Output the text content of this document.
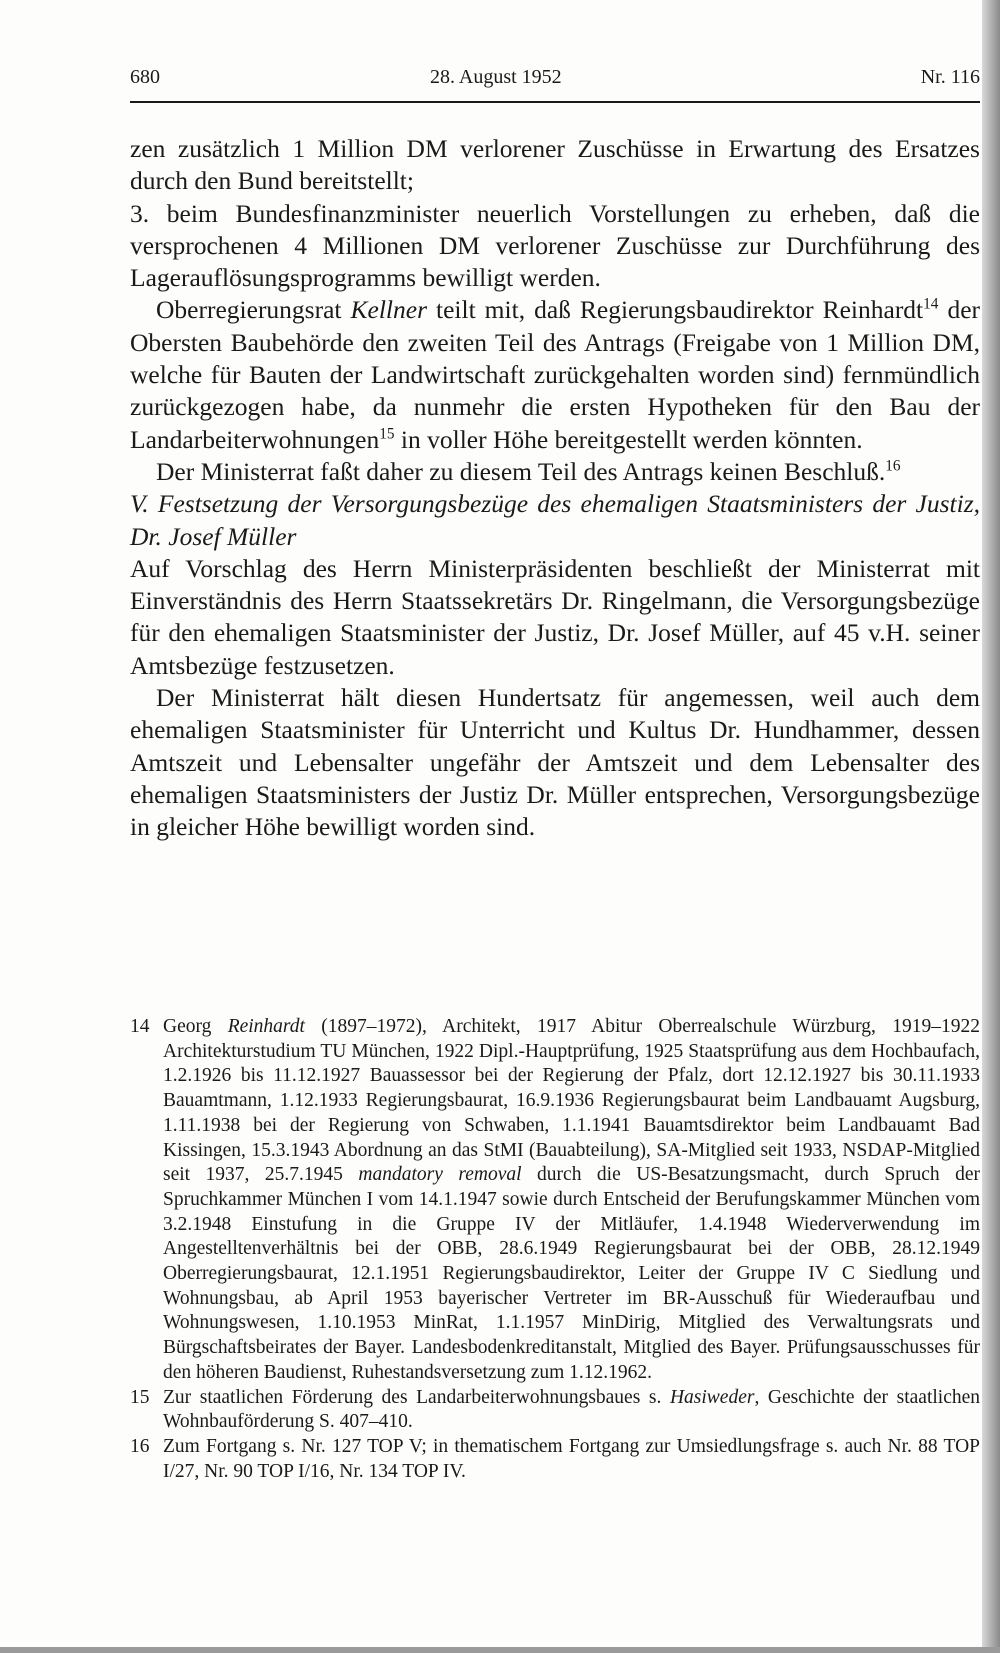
680	28. August 1952	Nr. 116

zen zusätzlich 1 Million DM verlorener Zuschüsse in Erwartung des Ersatzes durch den Bund bereitstellt;

3. beim Bundesfinanzminister neuerlich Vorstellungen zu erheben, daß die versprochenen 4 Millionen DM verlorener Zuschüsse zur Durchführung des Lagerauflösungsprogramms bewilligt werden.

Oberregierungsrat Kellner teilt mit, daß Regierungsbaudirektor Reinhardt$^{14}$ der Obersten Baubehörde den zweiten Teil des Antrags (Freigabe von 1 Million DM, welche für Bauten der Landwirtschaft zurückgehalten worden sind) fernmündlich zurückgezogen habe, da nunmehr die ersten Hypotheken für den Bau der Landarbeiterwohnungen$^{15}$ in voller Höhe bereitgestellt werden könnten.

Der Ministerrat faßt daher zu diesem Teil des Antrags keinen Beschluß.$^{16}$

V. Festsetzung der Versorgungsbezüge des ehemaligen Staatsministers der Justiz, Dr. Josef Müller

Auf Vorschlag des Herrn Ministerpräsidenten beschließt der Ministerrat mit Einverständnis des Herrn Staatssekretärs Dr. Ringelmann, die Versorgungsbezüge für den ehemaligen Staatsminister der Justiz, Dr. Josef Müller, auf 45 v.H. seiner Amtsbezüge festzusetzen.

Der Ministerrat hält diesen Hundertsatz für angemessen, weil auch dem ehemaligen Staatsminister für Unterricht und Kultus Dr. Hundhammer, dessen Amtszeit und Lebensalter ungefähr der Amtszeit und dem Lebensalter des ehemaligen Staatsministers der Justiz Dr. Müller entsprechen, Versorgungsbezüge in gleicher Höhe bewilligt worden sind.

14 Georg Reinhardt (1897–1972), Architekt, 1917 Abitur Oberrealschule Würzburg, 1919–1922 Architekturstudium TU München, 1922 Dipl.-Hauptprüfung, 1925 Staatsprüfung aus dem Hochbaufach, 1.2.1926 bis 11.12.1927 Bauassessor bei der Regierung der Pfalz, dort 12.12.1927 bis 30.11.1933 Bauamtmann, 1.12.1933 Regierungsbaurat, 16.9.1936 Regierungsbaurat beim Landbauamt Augsburg, 1.11.1938 bei der Regierung von Schwaben, 1.1.1941 Bauamtsdirektor beim Landbauamt Bad Kissingen, 15.3.1943 Abordnung an das StMI (Bauabteilung), SA-Mitglied seit 1933, NSDAP-Mitglied seit 1937, 25.7.1945 mandatory removal durch die US-Besatzungsmacht, durch Spruch der Spruchkammer München I vom 14.1.1947 sowie durch Entscheid der Berufungskammer München vom 3.2.1948 Einstufung in die Gruppe IV der Mitläufer, 1.4.1948 Wiederverwendung im Angestelltenverhältnis bei der OBB, 28.6.1949 Regierungsbaurat bei der OBB, 28.12.1949 Oberregierungsbaurat, 12.1.1951 Regierungsbaudirektor, Leiter der Gruppe IV C Siedlung und Wohnungsbau, ab April 1953 bayerischer Vertreter im BR-Ausschuß für Wiederaufbau und Wohnungswesen, 1.10.1953 MinRat, 1.1.1957 MinDirig, Mitglied des Verwaltungsrats und Bürgschaftsbeirates der Bayer. Landesbodenkreditanstalt, Mitglied des Bayer. Prüfungsausschusses für den höheren Baudienst, Ruhestandsversetzung zum 1.12.1962.

15 Zur staatlichen Förderung des Landarbeiterwohnungsbaues s. Hasiweder, Geschichte der staatlichen Wohnbauförderung S. 407–410.

16 Zum Fortgang s. Nr. 127 TOP V; in thematischem Fortgang zur Umsiedlungsfrage s. auch Nr. 88 TOP I/27, Nr. 90 TOP I/16, Nr. 134 TOP IV.
